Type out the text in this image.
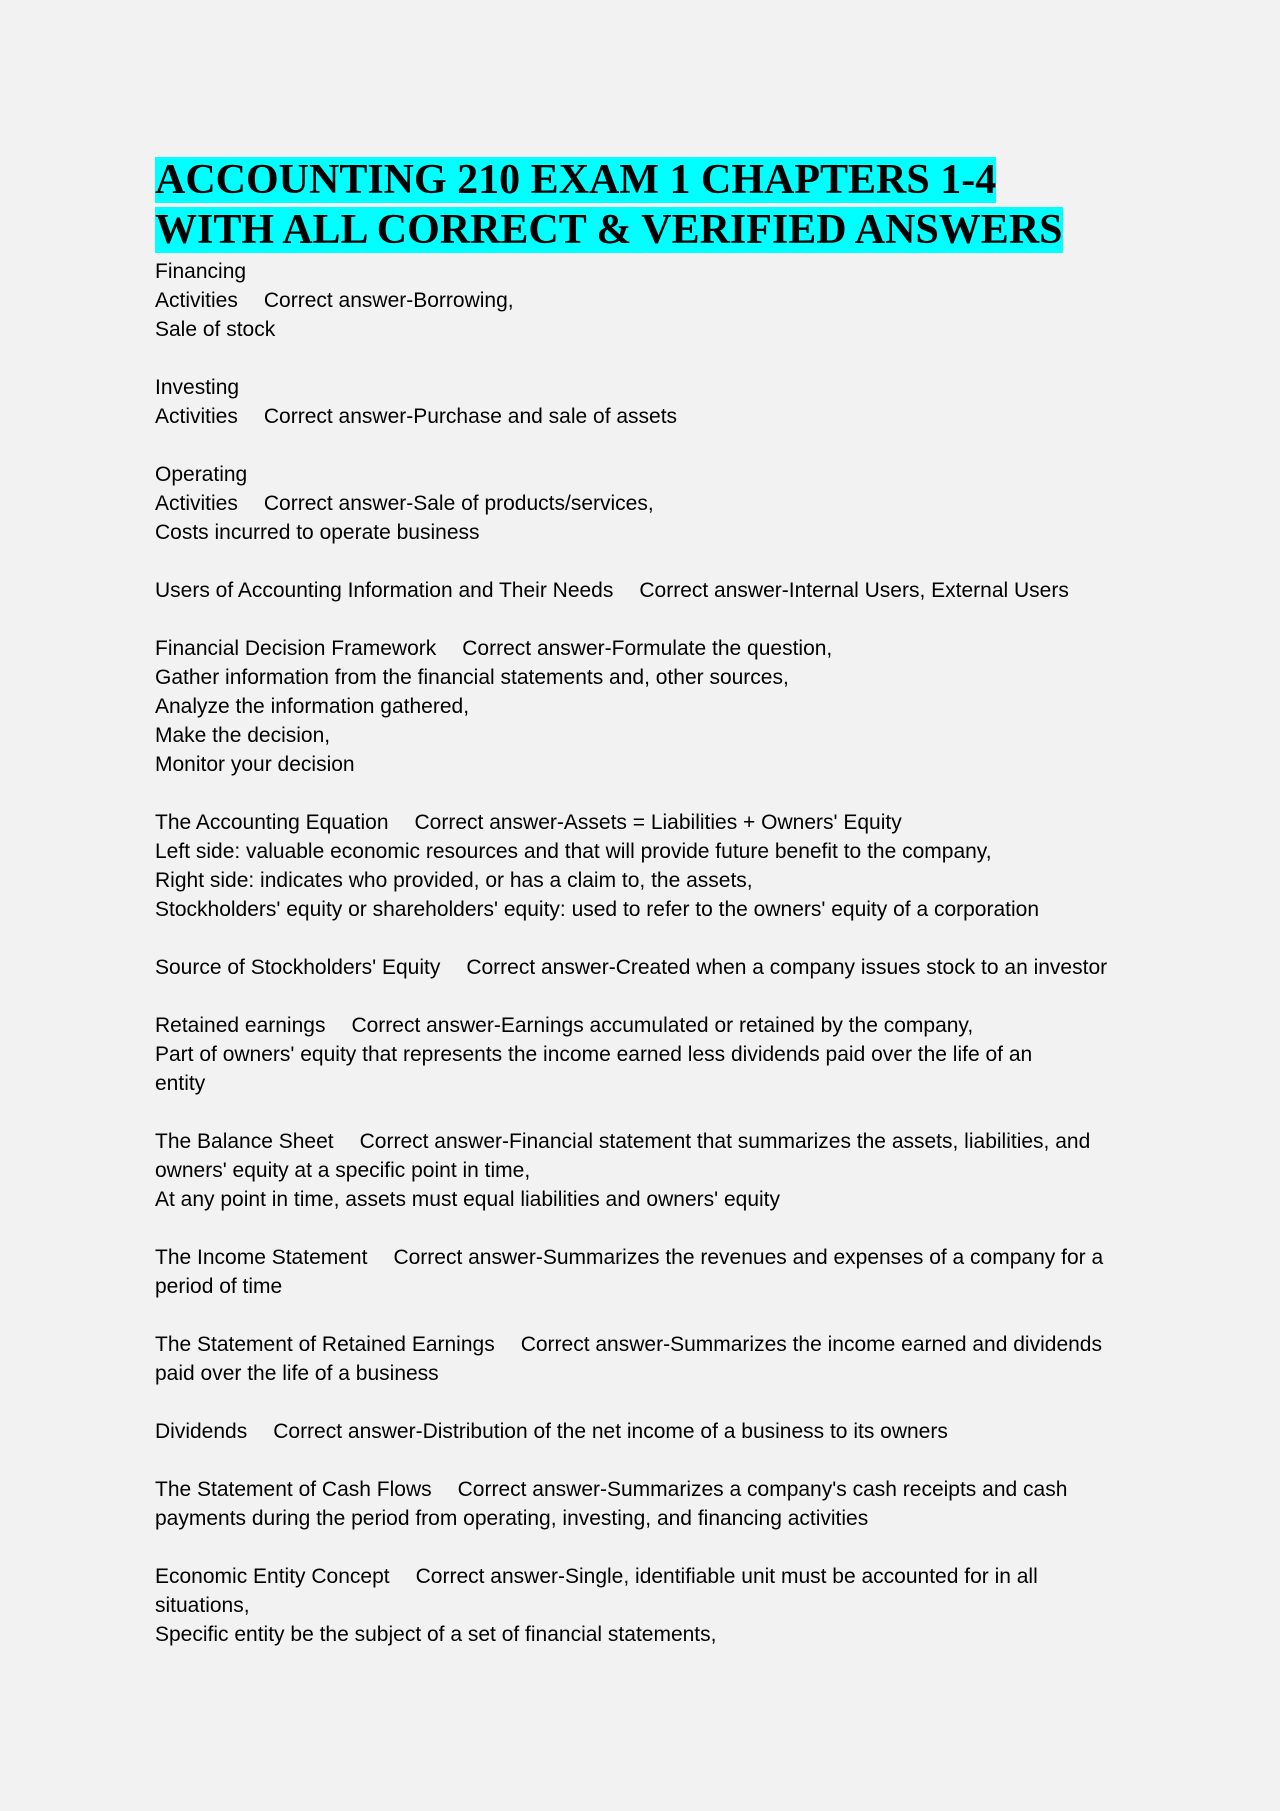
ACCOUNTING 210 EXAM 1 CHAPTERS 1-4
WITH ALL CORRECT & VERIFIED ANSWERS
Financing
Activities Correct answer-Borrowing,
Sale of stock
Investing
Activities Correct answer-Purchase and sale of assets
Operating
Activities Correct answer-Sale of products/services,
Costs incurred to operate business
Users of Accounting Information and Their Needs Correct answer-Internal Users, External Users
Financial Decision Framework Correct answer-Formulate the question,
Gather information from the financial statements and, other sources,
Analyze the information gathered,
Make the decision,
Monitor your decision
The Accounting Equation Correct answer-Assets = Liabilities + Owners' Equity
Left side: valuable economic resources and that will provide future benefit to the company,
Right side: indicates who provided, or has a claim to, the assets,
Stockholders' equity or shareholders' equity: used to refer to the owners' equity of a corporation
Source of Stockholders' Equity Correct answer-Created when a company issues stock to an investor
Retained earnings Correct answer-Earnings accumulated or retained by the company,
Part of owners' equity that represents the income earned less dividends paid over the life of an
entity
The Balance Sheet Correct answer-Financial statement that summarizes the assets, liabilities, and
owners' equity at a specific point in time,
At any point in time, assets must equal liabilities and owners' equity
The Income Statement Correct answer-Summarizes the revenues and expenses of a company for a
period of time
The Statement of Retained Earnings Correct answer-Summarizes the income earned and dividends
paid over the life of a business
Dividends Correct answer-Distribution of the net income of a business to its owners
The Statement of Cash Flows Correct answer-Summarizes a company's cash receipts and cash
payments during the period from operating, investing, and financing activities
Economic Entity Concept Correct answer-Single, identifiable unit must be accounted for in all
situations,
Specific entity be the subject of a set of financial statements,
